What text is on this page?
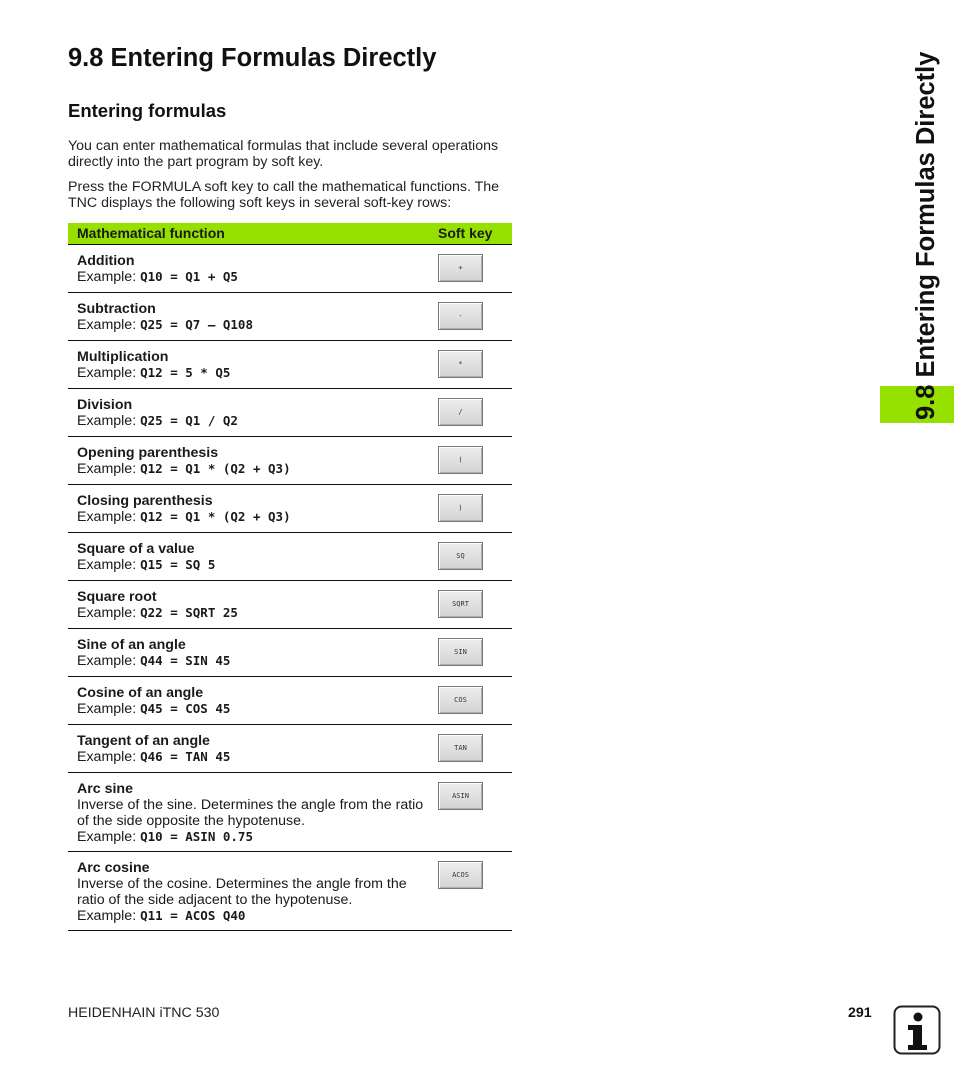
9.8 Entering Formulas Directly
Entering formulas

You can enter mathematical formulas that include several operations directly into the part program by soft key.

Press the FORMULA soft key to call the mathematical functions. The TNC displays the following soft keys in several soft-key rows:

Mathematical function	Soft key
Addition
Example: Q10 = Q1 + Q5
+
Subtraction
Example: Q25 = Q7 – Q108
-
Multiplication
Example: Q12 = 5 * Q5
*
Division
Example: Q25 = Q1 / Q2
/
Opening parenthesis
Example: Q12 = Q1 * (Q2 + Q3)
(
Closing parenthesis
Example: Q12 = Q1 * (Q2 + Q3)
)
Square of a value
Example: Q15 = SQ 5
SQ
Square root
Example: Q22 = SQRT 25
SQRT
Sine of an angle
Example: Q44 = SIN 45
SIN
Cosine of an angle
Example: Q45 = COS 45
COS
Tangent of an angle
Example: Q46 = TAN 45
TAN
Arc sine
Inverse of the sine. Determines the angle from the ratio of the side opposite the hypotenuse.
Example: Q10 = ASIN 0.75
ASIN
Arc cosine
Inverse of the cosine. Determines the angle from the ratio of the side adjacent to the hypotenuse.
Example: Q11 = ACOS Q40
ACOS
9.8 Entering Formulas Directly
HEIDENHAIN iTNC 530	291
